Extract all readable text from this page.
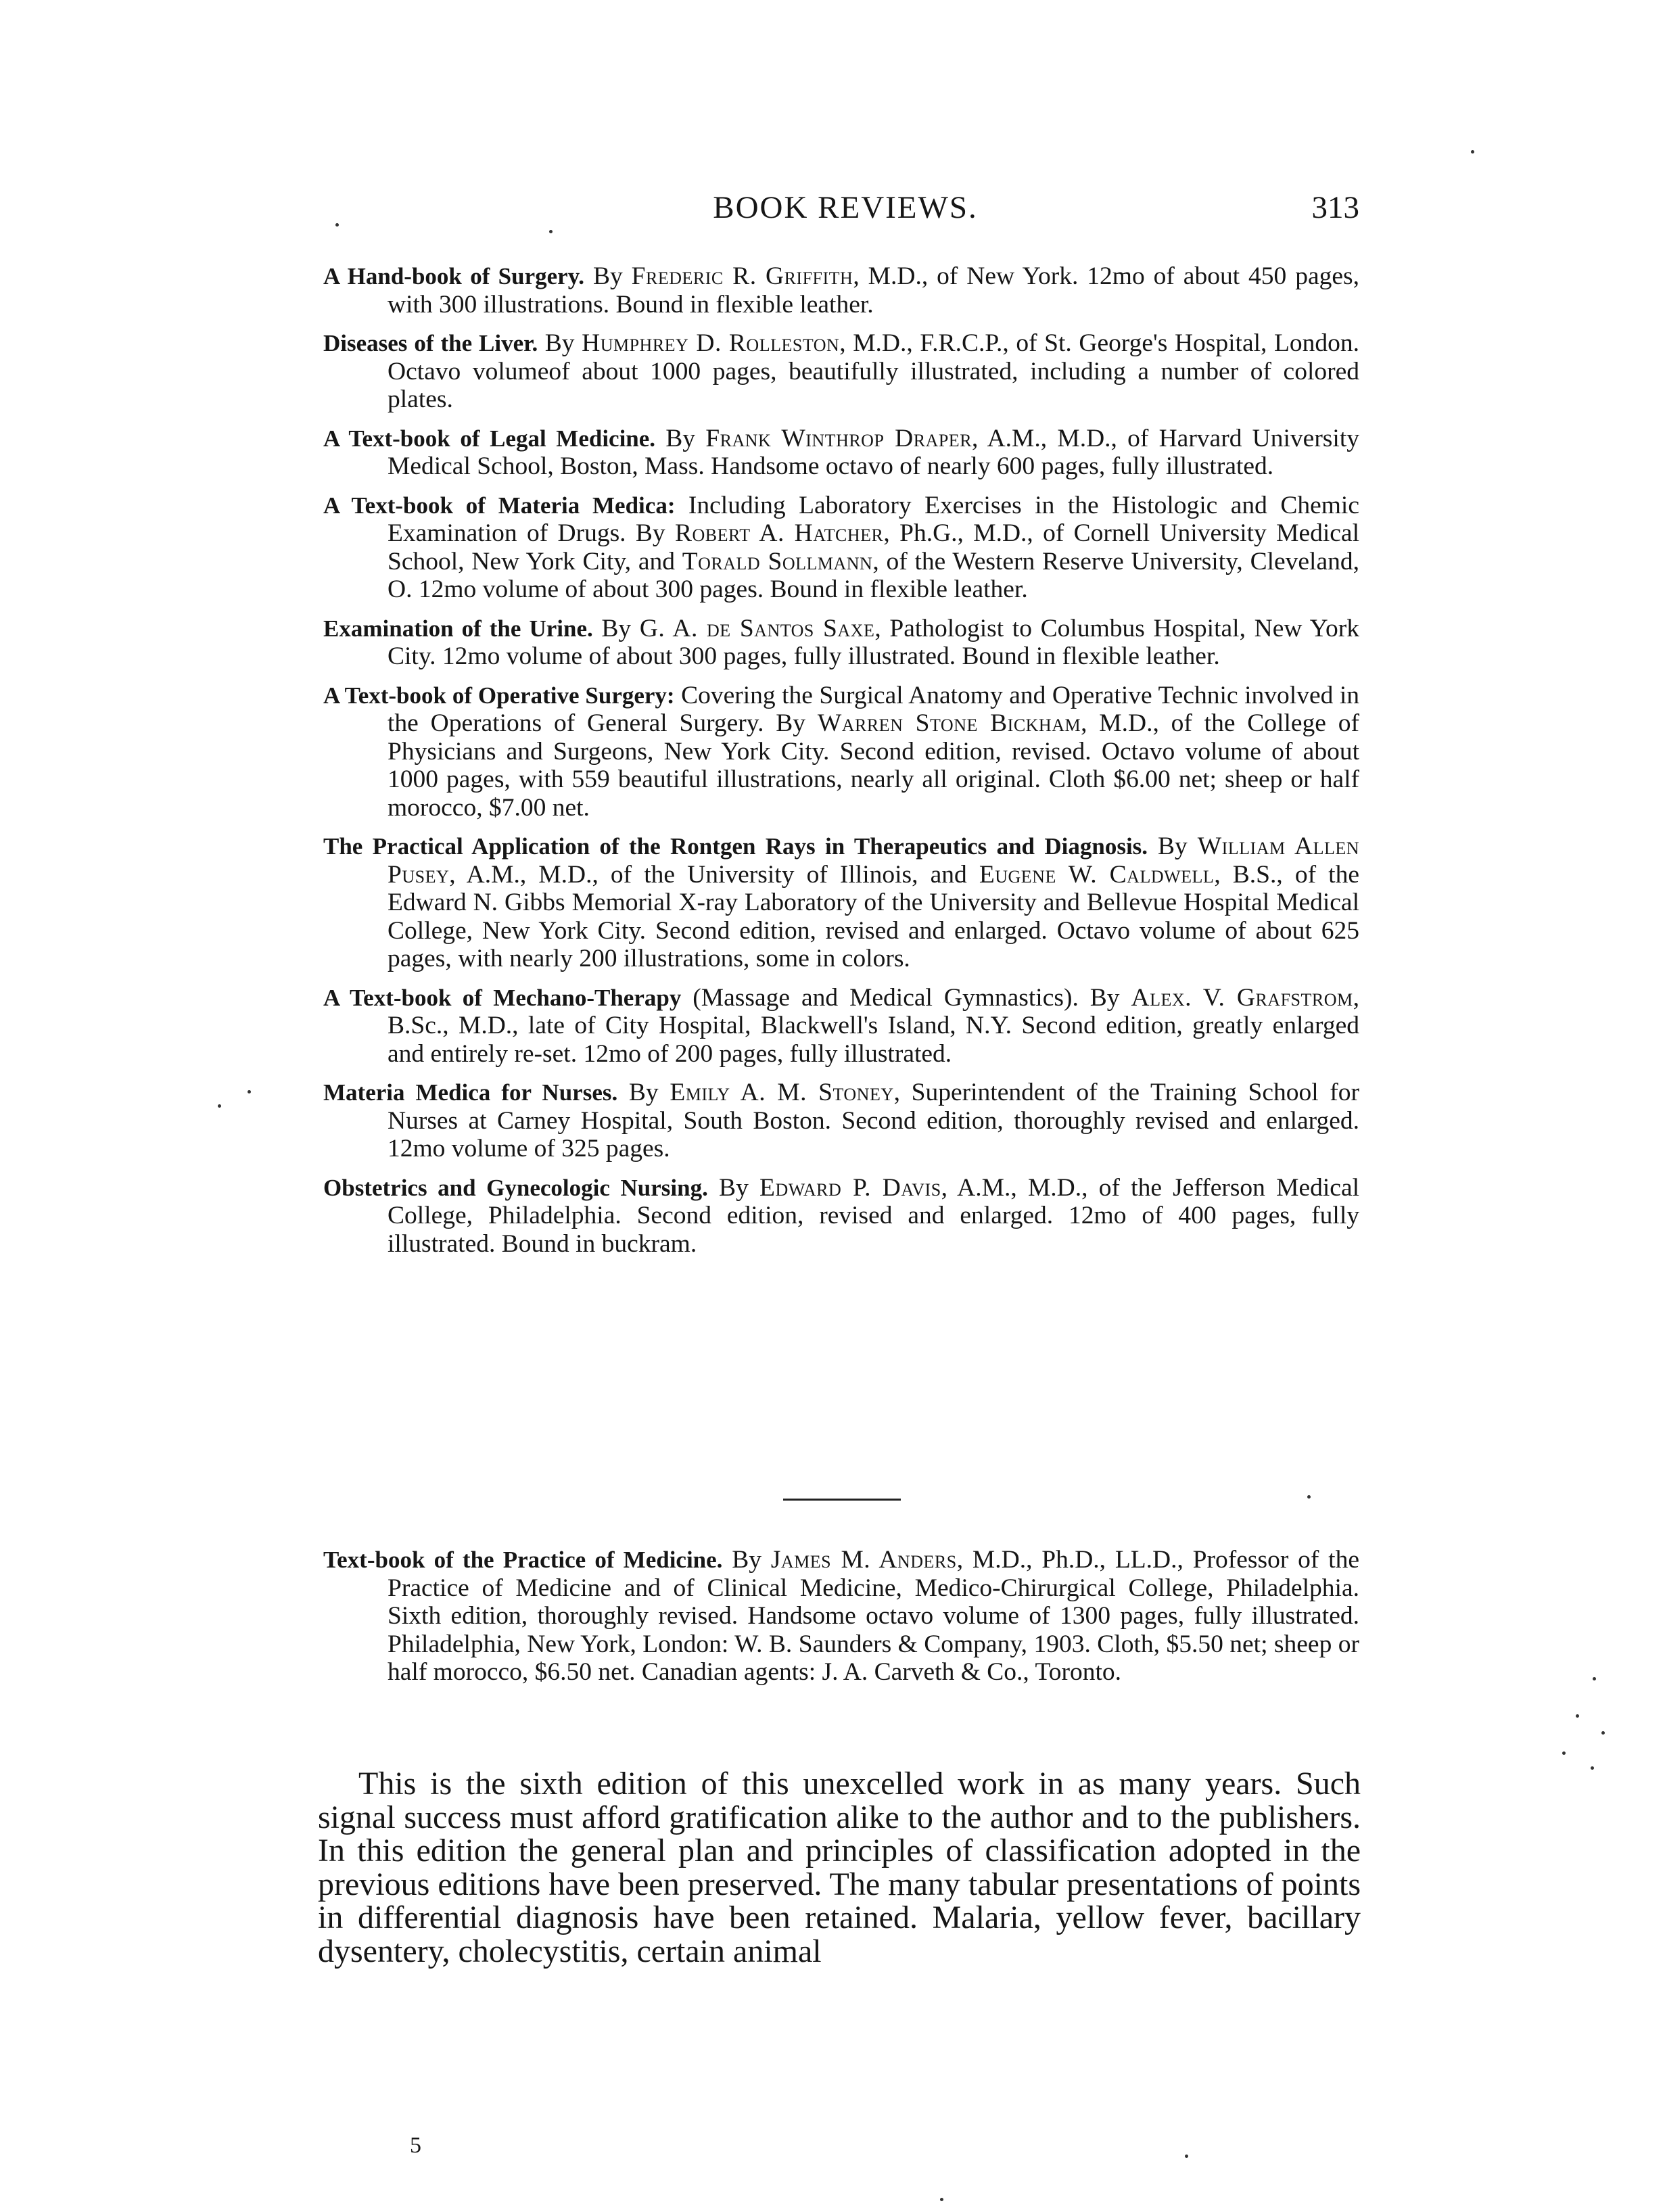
BOOK REVIEWS.	313
A Hand-book of Surgery. By Frederic R. Griffith, M.D., of New York. 12mo of about 450 pages, with 300 illustrations. Bound in flexible leather.
Diseases of the Liver. By Humphrey D. Rolleston, M.D., F.R.C.P., of St. George's Hospital, London. Octavo volumeof about 1000 pages, beautifully illustrated, including a number of colored plates.
A Text-book of Legal Medicine. By Frank Winthrop Draper, A.M., M.D., of Harvard University Medical School, Boston, Mass. Handsome octavo of nearly 600 pages, fully illustrated.
A Text-book of Materia Medica: Including Laboratory Exercises in the Histologic and Chemic Examination of Drugs. By Robert A. Hatcher, Ph.G., M.D., of Cornell University Medical School, New York City, and Torald Sollmann, of the Western Reserve University, Cleveland, O. 12mo volume of about 300 pages. Bound in flexible leather.
Examination of the Urine. By G. A. de Santos Saxe, Pathologist to Columbus Hospital, New York City. 12mo volume of about 300 pages, fully illustrated. Bound in flexible leather.
A Text-book of Operative Surgery: Covering the Surgical Anatomy and Operative Technic involved in the Operations of General Surgery. By Warren Stone Bickham, M.D., of the College of Physicians and Surgeons, New York City. Second edition, revised. Octavo volume of about 1000 pages, with 559 beautiful illustrations, nearly all original. Cloth $6.00 net; sheep or half morocco, $7.00 net.
The Practical Application of the Rontgen Rays in Therapeutics and Diagnosis. By William Allen Pusey, A.M., M.D., of the University of Illinois, and Eugene W. Caldwell, B.S., of the Edward N. Gibbs Memorial X-ray Laboratory of the University and Bellevue Hospital Medical College, New York City. Second edition, revised and enlarged. Octavo volume of about 625 pages, with nearly 200 illustrations, some in colors.
A Text-book of Mechano-Therapy (Massage and Medical Gymnastics). By Alex. V. Grafstrom, B.Sc., M.D., late of City Hospital, Blackwell's Island, N.Y. Second edition, greatly enlarged and entirely re-set. 12mo of 200 pages, fully illustrated.
Materia Medica for Nurses. By Emily A. M. Stoney, Superintendent of the Training School for Nurses at Carney Hospital, South Boston. Second edition, thoroughly revised and enlarged. 12mo volume of 325 pages.
Obstetrics and Gynecologic Nursing. By Edward P. Davis, A.M., M.D., of the Jefferson Medical College, Philadelphia. Second edition, revised and enlarged. 12mo of 400 pages, fully illustrated. Bound in buckram.
Text-book of the Practice of Medicine. By James M. Anders, M.D., Ph.D., LL.D., Professor of the Practice of Medicine and of Clinical Medicine, Medico-Chirurgical College, Philadelphia. Sixth edition, thoroughly revised. Handsome octavo volume of 1300 pages, fully illustrated. Philadelphia, New York, London: W. B. Saunders & Company, 1903. Cloth, $5.50 net; sheep or half morocco, $6.50 net. Canadian agents: J. A. Carveth & Co., Toronto.
This is the sixth edition of this unexcelled work in as many years. Such signal success must afford gratification alike to the author and to the publishers. In this edition the general plan and principles of classification adopted in the previous editions have been preserved. The many tabular presentations of points in differential diagnosis have been retained. Malaria, yellow fever, bacillary dysentery, cholecystitis, certain animal
5
